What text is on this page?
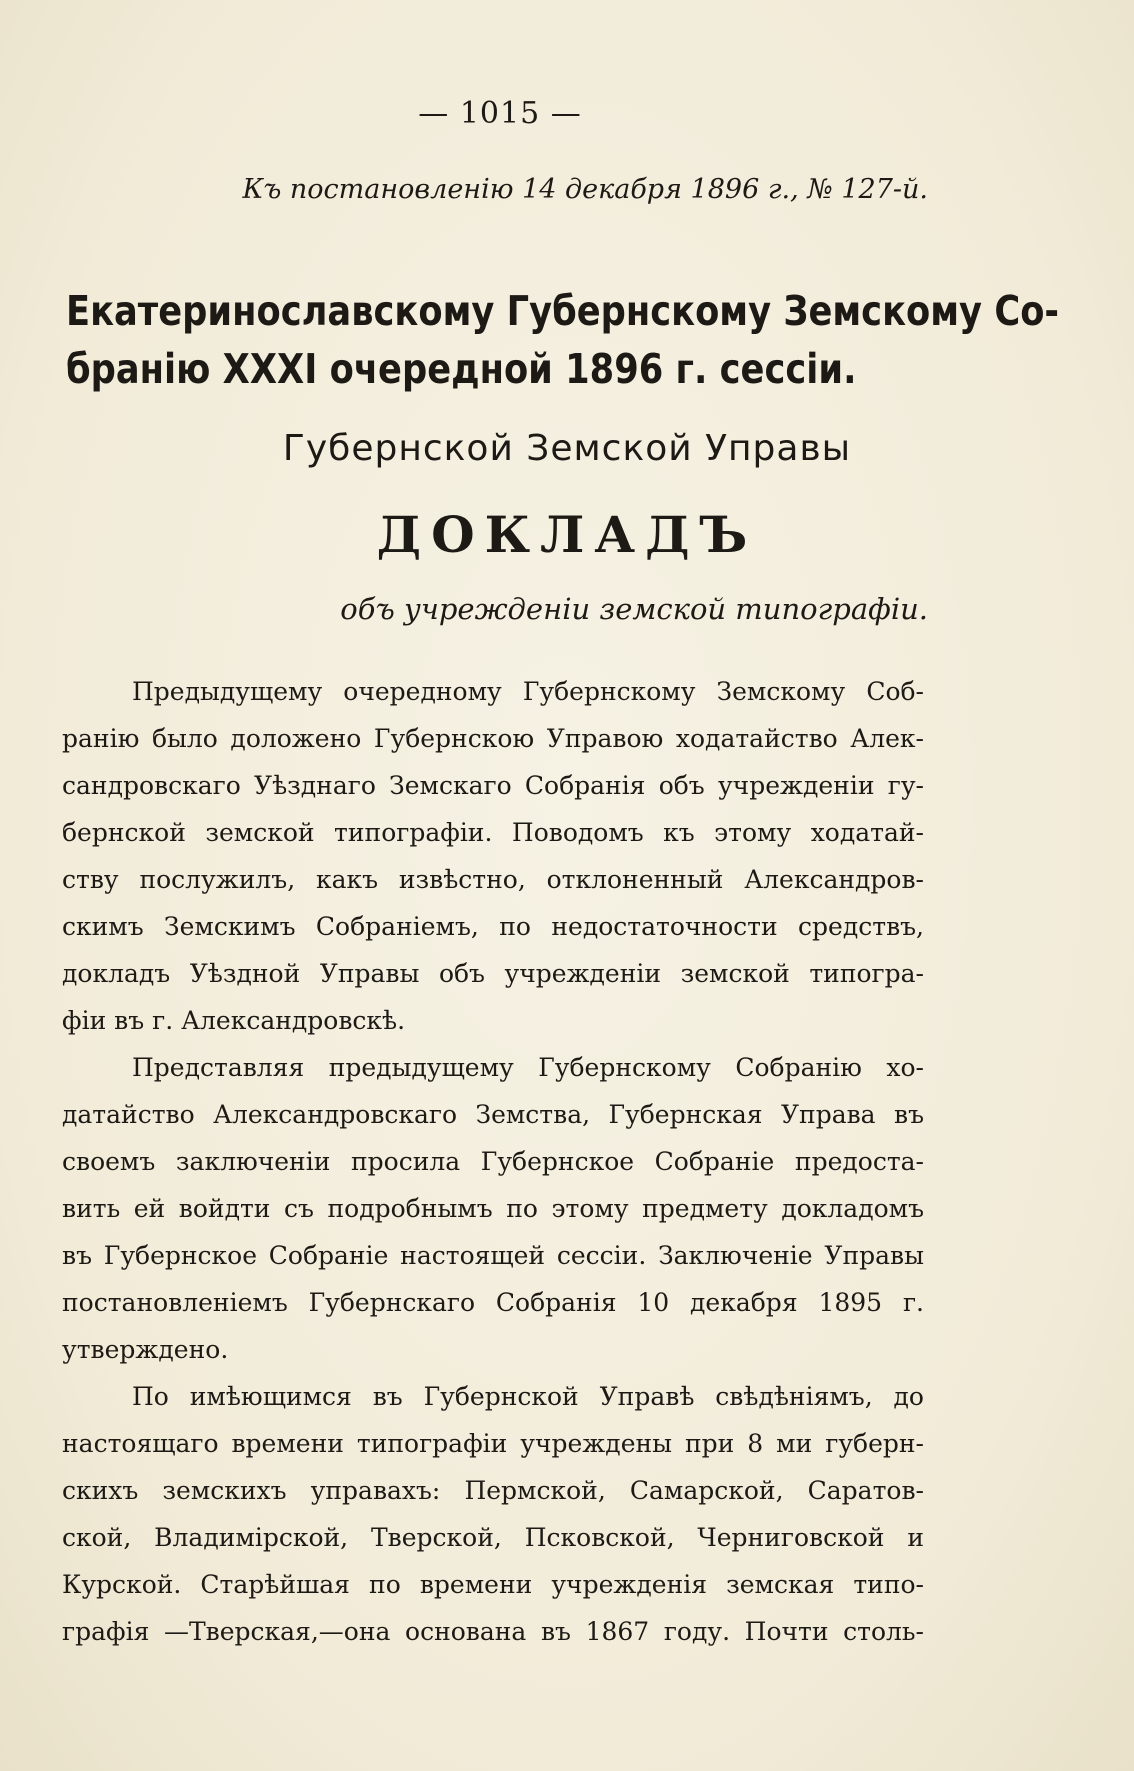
— 1015 —
Къ постановленію 14 декабря 1896 г., № 127-й.
Екатеринославскому Губернскому Земскому Со-
бранію XXXI очередной 1896 г. сессіи.
Губернской Земской Управы
ДОКЛАДЪ
объ учрежденіи земской типографіи.
Предыдущему очередному Губернскому Земскому Соб-
ранію было доложено Губернскою Управою ходатайство Алек-
сандровскаго Уѣзднаго Земскаго Собранія объ учрежденіи гу-
бернской земской типографіи. Поводомъ къ этому ходатай-
ству послужилъ, какъ извѣстно, отклоненный Александров-
скимъ Земскимъ Собраніемъ, по недостаточности средствъ,
докладъ Уѣздной Управы объ учрежденіи земской типогра-
фіи въ г. Александровскѣ.
Представляя предыдущему Губернскому Собранію хо-
датайство Александровскаго Земства, Губернская Управа въ
своемъ заключеніи просила Губернское Собраніе предоста-
вить ей войдти съ подробнымъ по этому предмету докладомъ
въ Губернское Собраніе настоящей сессіи. Заключеніе Управы
постановленіемъ Губернскаго Собранія 10 декабря 1895 г.
утверждено.
По имѣющимся въ Губернской Управѣ свѣдѣніямъ, до
настоящаго времени типографіи учреждены при 8 ми губерн-
скихъ земскихъ управахъ: Пермской, Самарской, Саратов-
ской, Владимірской, Тверской, Псковской, Черниговской и
Курской. Старѣйшая по времени учрежденія земская типо-
графія —Тверская,—она основана въ 1867 году. Почти столь-
